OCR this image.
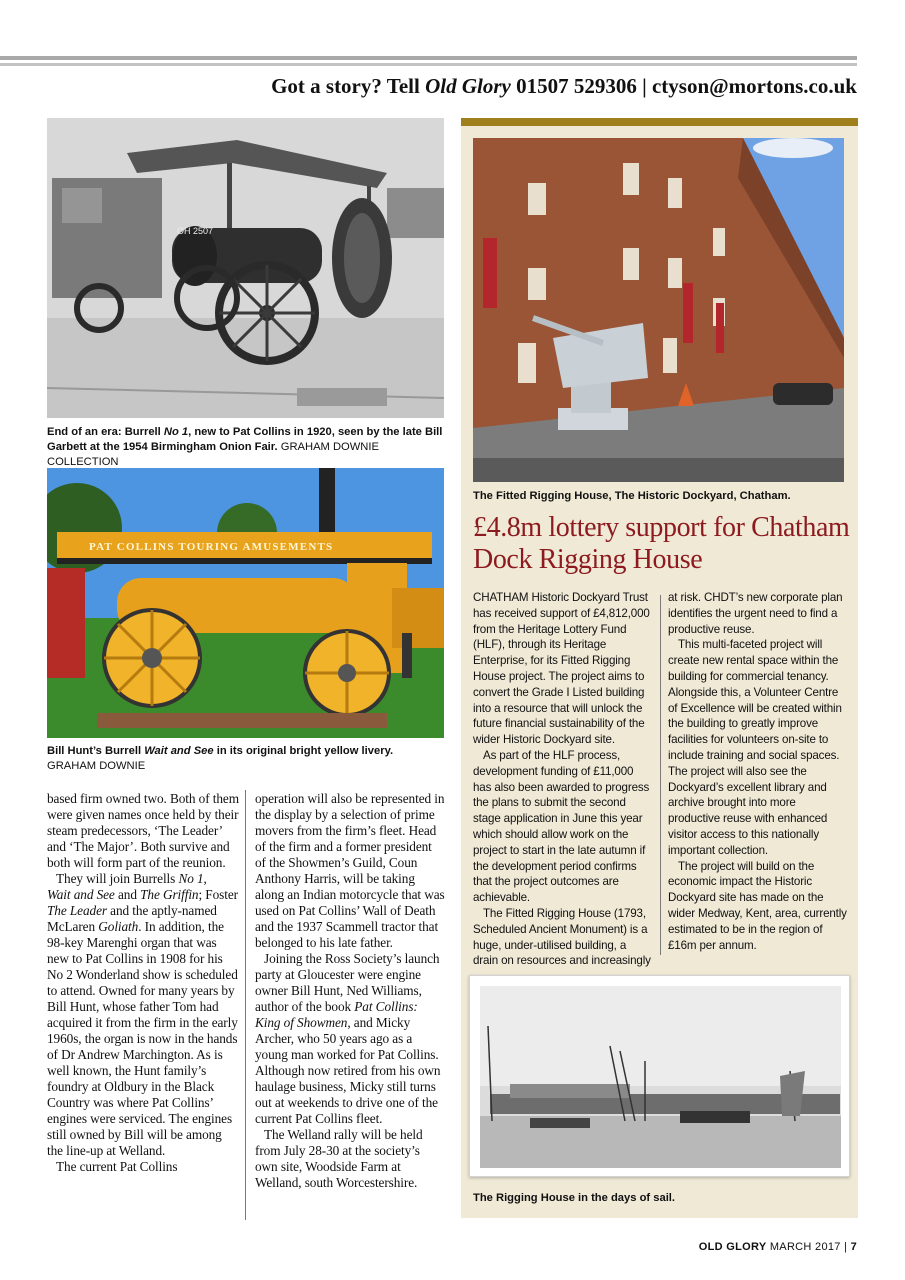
Got a story? Tell Old Glory 01507 529306 | ctyson@mortons.co.uk
OH 2507
End of an era: Burrell No 1, new to Pat Collins in 1920, seen by the late Bill Garbett at the 1954 Birmingham Onion Fair. GRAHAM DOWNIE COLLECTION
PAT COLLINS TOURING AMUSEMENTS
Bill Hunt’s Burrell Wait and See in its original bright yellow livery.
GRAHAM DOWNIE

based firm owned two. Both of them were given names once held by their steam predecessors, ‘The Leader’ and ‘The Major’. Both survive and both will form part of the reunion.

They will join Burrells No 1,
Wait and See and The Griffin; Foster The Leader and the aptly-named McLaren Goliath. In addition, the 98-key Marenghi organ that was new to Pat Collins in 1908 for his No 2 Wonderland show is scheduled to attend. Owned for many years by Bill Hunt, whose father Tom had acquired it from the firm in the early 1960s, the organ is now in the hands of Dr Andrew Marchington. As is well known, the Hunt family’s foundry at Oldbury in the Black Country was where Pat Collins’ engines were serviced. The engines still owned by Bill will be among the line-up at Welland.

The current Pat Collins

operation will also be represented in the display by a selection of prime movers from the firm’s fleet. Head of the firm and a former president of the Showmen’s Guild, Coun Anthony Harris, will be taking along an Indian motorcycle that was used on Pat Collins’ Wall of Death and the 1937 Scammell tractor that belonged to his late father.

Joining the Ross Society’s launch party at Gloucester were engine owner Bill Hunt, Ned Williams, author of the book Pat Collins: King of Showmen, and Micky Archer, who 50 years ago as a young man worked for Pat Collins. Although now retired from his own haulage business, Micky still turns out at weekends to drive one of the current Pat Collins fleet.

The Welland rally will be held from July 28-30 at the society’s own site, Woodside Farm at Welland, south Worcestershire.

The Fitted Rigging House, The Historic Dockyard, Chatham.
£4.8m lottery support for Chatham Dock Rigging House

CHATHAM Historic Dockyard Trust has received support of £4,812,000 from the Heritage Lottery Fund (HLF), through its Heritage Enterprise, for its Fitted Rigging House project. The project aims to convert the Grade I Listed building into a resource that will unlock the future financial sustainability of the wider Historic Dockyard site.

As part of the HLF process, development funding of £11,000 has also been awarded to progress the plans to submit the second stage application in June this year which should allow work on the project to start in the late autumn if the development period confirms that the project outcomes are achievable.

The Fitted Rigging House (1793, Scheduled Ancient Monument) is a huge, under-utilised building, a drain on resources and increasingly

at risk. CHDT’s new corporate plan identifies the urgent need to find a productive reuse.

This multi-faceted project will create new rental space within the building for commercial tenancy. Alongside this, a Volunteer Centre of Excellence will be created within the building to greatly improve facilities for volunteers on-site to include training and social spaces. The project will also see the Dockyard’s excellent library and archive brought into more productive reuse with enhanced visitor access to this nationally important collection.

The project will build on the economic impact the Historic Dockyard site has made on the wider Medway, Kent, area, currently estimated to be in the region of £16m per annum.

The Rigging House in the days of sail.
OLD GLORY MARCH 2017 | 7
